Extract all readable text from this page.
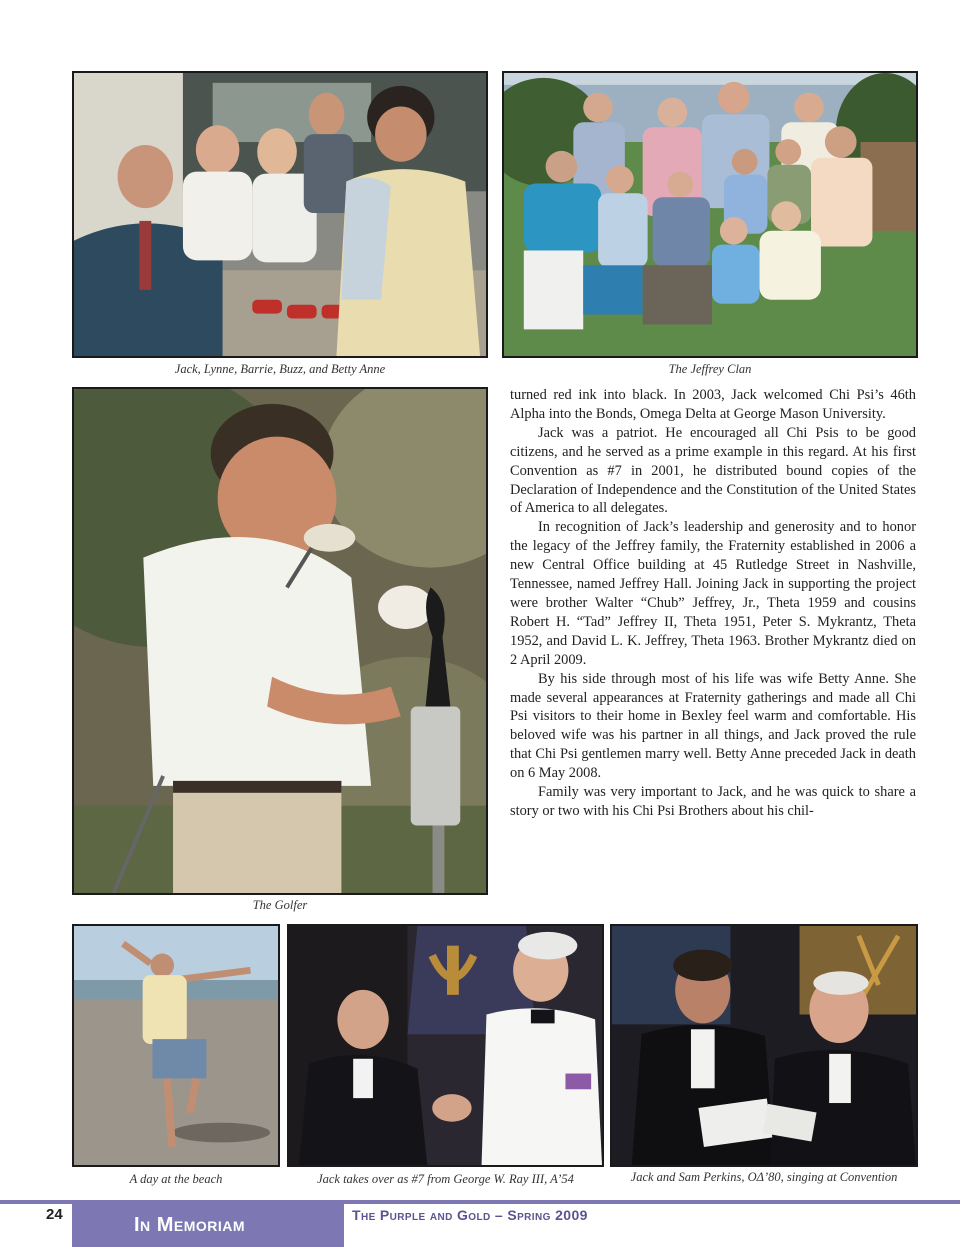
Jack, Lynne, Barrie, Buzz, and Betty Anne	The Jeffrey Clan
The Golfer

turned red ink into black. In 2003, Jack welcomed Chi Psi’s 46th Alpha into the Bonds, Omega Delta at George Mason University.

Jack was a patriot. He encouraged all Chi Psis to be good citizens, and he served as a prime example in this regard. At his first Convention as #7 in 2001, he distributed bound copies of the Declaration of Independence and the Constitution of the United States of America to all delegates.

In recognition of Jack’s leadership and generosity and to honor the legacy of the Jeffrey family, the Fraternity established in 2006 a new Central Office building at 45 Rutledge Street in Nashville, Tennessee, named Jeffrey Hall. Joining Jack in supporting the project were brother Walter “Chub” Jeffrey, Jr., Theta 1959 and cousins Robert H. “Tad” Jeffrey II, Theta 1951, Peter S. Mykrantz, Theta 1952, and David L. K. Jeffrey, Theta 1963. Brother Mykrantz died on 2 April 2009.

By his side through most of his life was wife Betty Anne. She made several appearances at Fraternity gatherings and made all Chi Psi visitors to their home in Bexley feel warm and comfortable. His beloved wife was his partner in all things, and Jack proved the rule that Chi Psi gentlemen marry well. Betty Anne preceded Jack in death on 6 May 2008.

Family was very important to Jack, and he was quick to share a story or two with his Chi Psi Brothers about his chil-

A day at the beach	Jack takes over as #7 from George W. Ray III, A’54	Jack and Sam Perkins, OΔ’80, singing at Convention
24	In Memoriam	The Purple and Gold – Spring 2009
